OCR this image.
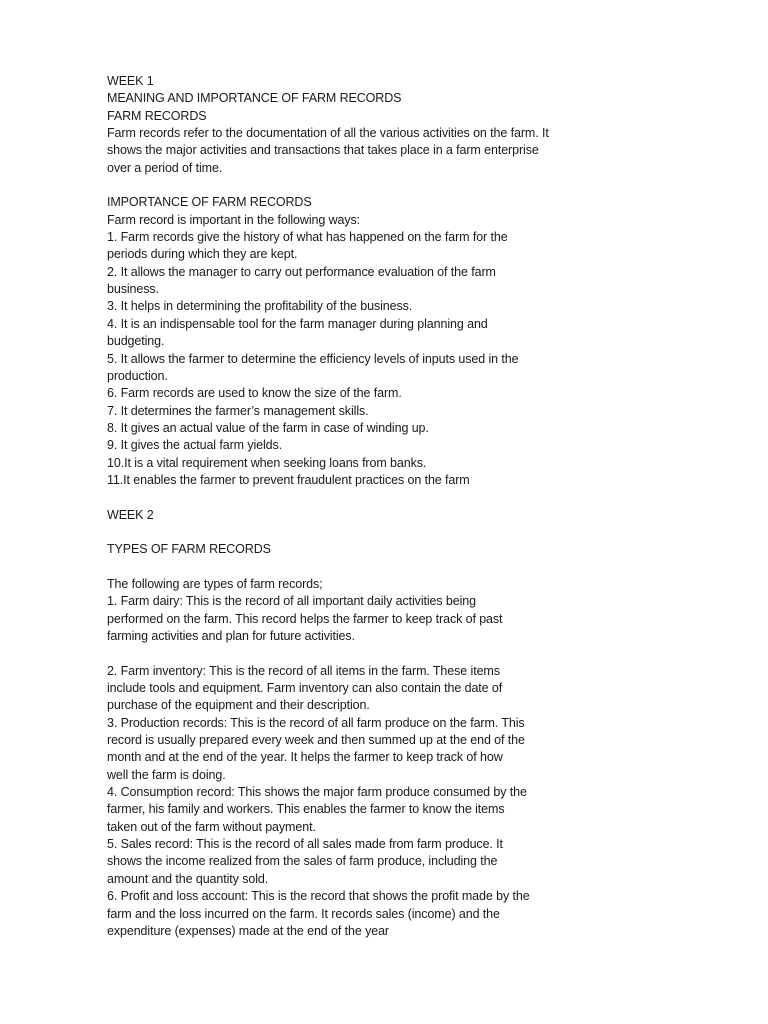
WEEK 1
MEANING AND IMPORTANCE OF FARM RECORDS
FARM RECORDS
Farm records refer to the documentation of all the various activities on the farm. It
shows the major activities and transactions that takes place in a farm enterprise
over a period of time.
IMPORTANCE OF FARM RECORDS
Farm record is important in the following ways:
1. Farm records give the history of what has happened on the farm for the
periods during which they are kept.
2. It allows the manager to carry out performance evaluation of the farm
business.
3. It helps in determining the profitability of the business.
4. It is an indispensable tool for the farm manager during planning and
budgeting.
5. It allows the farmer to determine the efficiency levels of inputs used in the
production.
6. Farm records are used to know the size of the farm.
7. It determines the farmer’s management skills.
8. It gives an actual value of the farm in case of winding up.
9. It gives the actual farm yields.
10.It is a vital requirement when seeking loans from banks.
11.It enables the farmer to prevent fraudulent practices on the farm
WEEK 2
TYPES OF FARM RECORDS
The following are types of farm records;
1. Farm dairy: This is the record of all important daily activities being
performed on the farm. This record helps the farmer to keep track of past
farming activities and plan for future activities.
2. Farm inventory: This is the record of all items in the farm. These items
include tools and equipment. Farm inventory can also contain the date of
purchase of the equipment and their description.
3. Production records: This is the record of all farm produce on the farm. This
record is usually prepared every week and then summed up at the end of the
month and at the end of the year. It helps the farmer to keep track of how
well the farm is doing.
4. Consumption record: This shows the major farm produce consumed by the
farmer, his family and workers. This enables the farmer to know the items
taken out of the farm without payment.
5. Sales record: This is the record of all sales made from farm produce. It
shows the income realized from the sales of farm produce, including the
amount and the quantity sold.
6. Profit and loss account: This is the record that shows the profit made by the
farm and the loss incurred on the farm. It records sales (income) and the
expenditure (expenses) made at the end of the year
